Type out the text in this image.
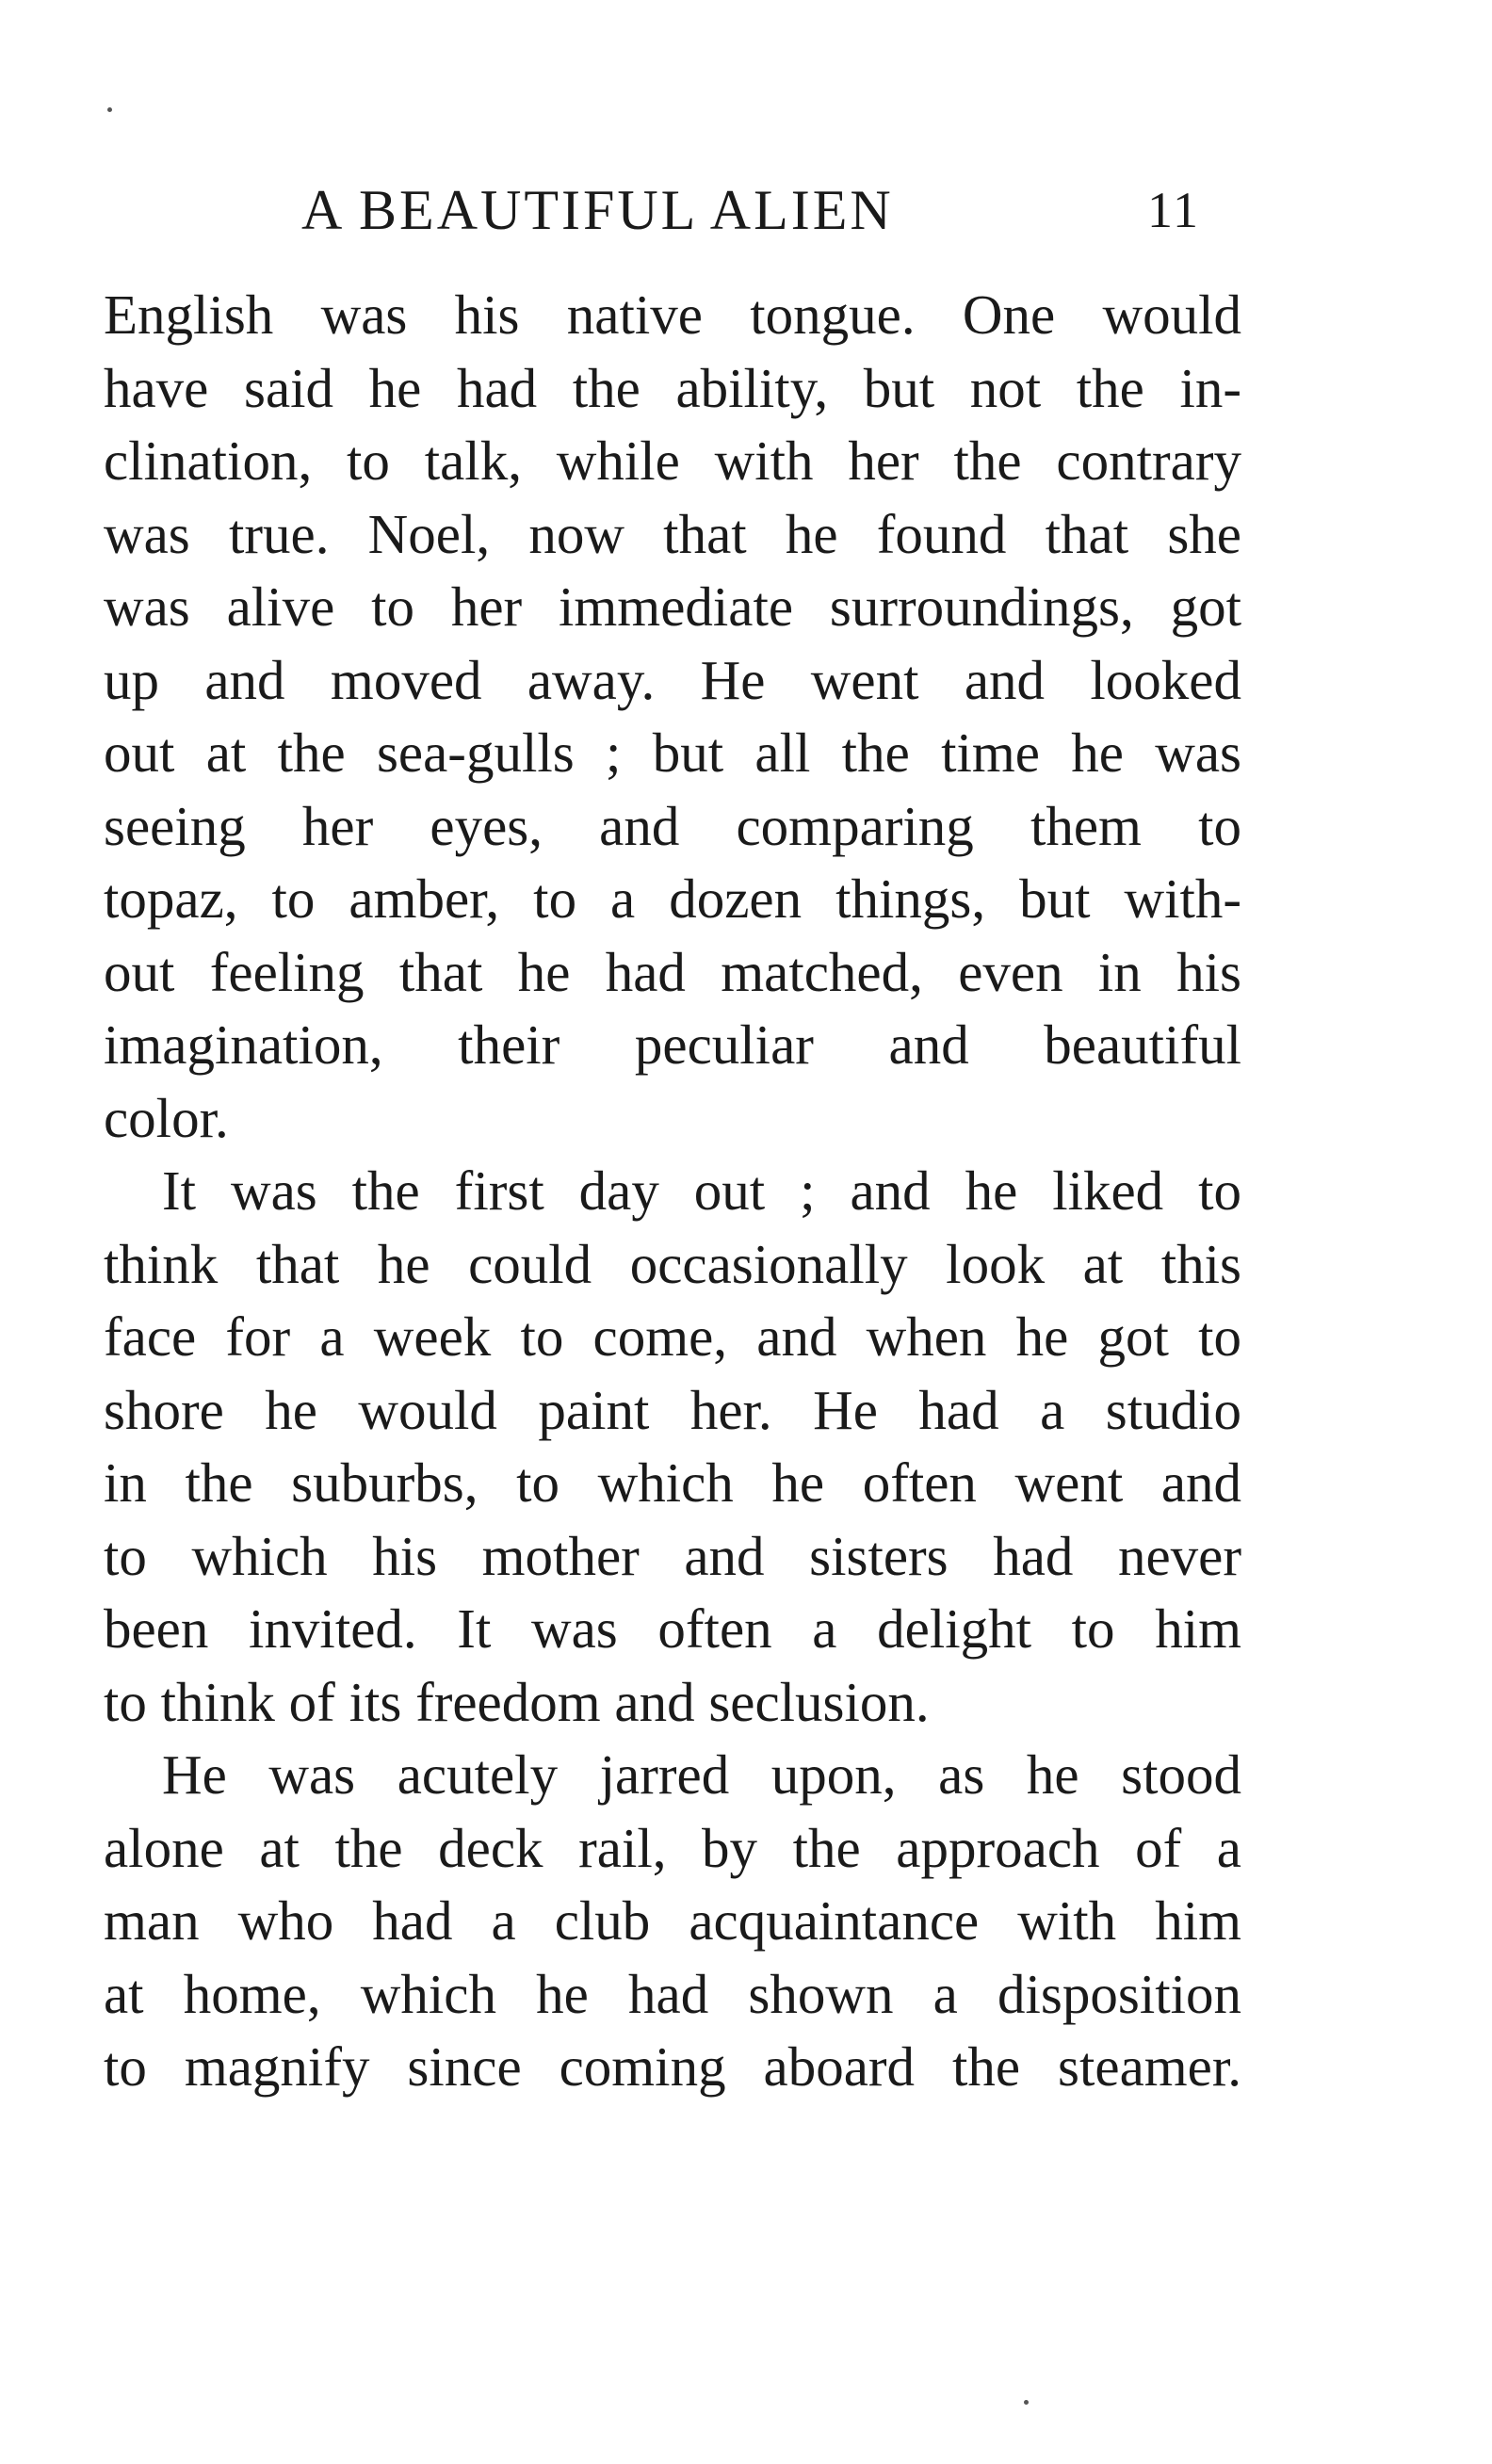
A BEAUTIFUL ALIEN	11
English was his native tongue. One would
have said he had the ability, but not the in-
clination, to talk, while with her the contrary
was true. Noel, now that he found that she
was alive to her immediate surroundings, got
up and moved away. He went and looked
out at the sea-gulls ; but all the time he was
seeing her eyes, and comparing them to
topaz, to amber, to a dozen things, but with-
out feeling that he had matched, even in his
imagination, their peculiar and beautiful
color.
It was the first day out ; and he liked to
think that he could occasionally look at this
face for a week to come, and when he got to
shore he would paint her. He had a studio
in the suburbs, to which he often went and
to which his mother and sisters had never
been invited. It was often a delight to him
to think of its freedom and seclusion.
He was acutely jarred upon, as he stood
alone at the deck rail, by the approach of a
man who had a club acquaintance with him
at home, which he had shown a disposition
to magnify since coming aboard the steamer.
